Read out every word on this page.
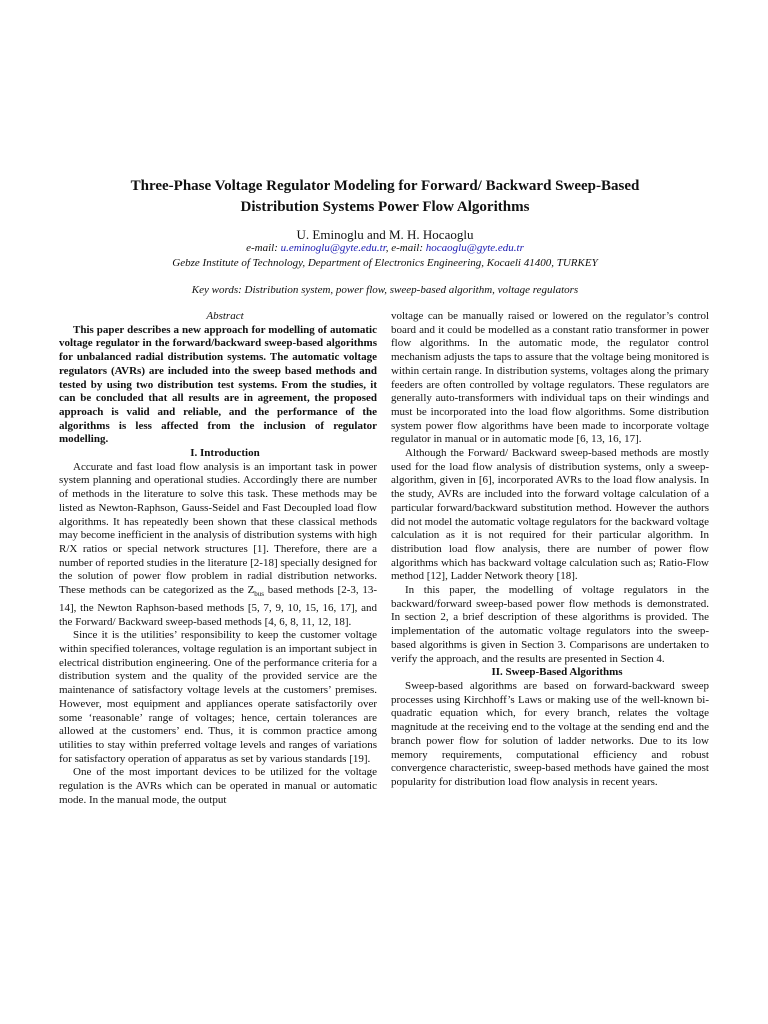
Three-Phase Voltage Regulator Modeling for Forward/ Backward Sweep-Based Distribution Systems Power Flow Algorithms

U. Eminoglu and M. H. Hocaoglu

e-mail: u.eminoglu@gyte.edu.tr, e-mail: hocaoglu@gyte.edu.tr

Gebze Institute of Technology, Department of Electronics Engineering, Kocaeli 41400, TURKEY

Key words: Distribution system, power flow, sweep-based algorithm, voltage regulators

Abstract

This paper describes a new approach for modelling of automatic voltage regulator in the forward/backward sweep-based algorithms for unbalanced radial distribution systems. The automatic voltage regulators (AVRs) are included into the sweep based methods and tested by using two distribution test systems. From the studies, it can be concluded that all results are in agreement, the proposed approach is valid and reliable, and the performance of the algorithms is less affected from the inclusion of regulator modelling.

I. Introduction

Accurate and fast load flow analysis is an important task in power system planning and operational studies. Accordingly there are number of methods in the literature to solve this task. These methods may be listed as Newton-Raphson, Gauss-Seidel and Fast Decoupled load flow algorithms. It has repeatedly been shown that these classical methods may become inefficient in the analysis of distribution systems with high R/X ratios or special network structures [1]. Therefore, there are a number of reported studies in the literature [2-18] specially designed for the solution of power flow problem in radial distribution networks. These methods can be categorized as the $Z_{bus}$ based methods [2-3, 13-14], the Newton Raphson-based methods [5, 7, 9, 10, 15, 16, 17], and the Forward/ Backward sweep-based methods [4, 6, 8, 11, 12, 18].

Since it is the utilities’ responsibility to keep the customer voltage within specified tolerances, voltage regulation is an important subject in electrical distribution engineering. One of the performance criteria for a distribution system and the quality of the provided service are the maintenance of satisfactory voltage levels at the customers’ premises. However, most equipment and appliances operate satisfactorily over some ‘reasonable’ range of voltages; hence, certain tolerances are allowed at the customers’ end. Thus, it is common practice among utilities to stay within preferred voltage levels and ranges of variations for satisfactory operation of apparatus as set by various standards [19].

One of the most important devices to be utilized for the voltage regulation is the AVRs which can be operated in manual or automatic mode. In the manual mode, the output

voltage can be manually raised or lowered on the regulator’s control board and it could be modelled as a constant ratio transformer in power flow algorithms. In the automatic mode, the regulator control mechanism adjusts the taps to assure that the voltage being monitored is within certain range. In distribution systems, voltages along the primary feeders are often controlled by voltage regulators. These regulators are generally auto-transformers with individual taps on their windings and must be incorporated into the load flow algorithms. Some distribution system power flow algorithms have been made to incorporate voltage regulator in manual or in automatic mode [6, 13, 16, 17].

Although the Forward/ Backward sweep-based methods are mostly used for the load flow analysis of distribution systems, only a sweep-algorithm, given in [6], incorporated AVRs to the load flow analysis. In the study, AVRs are included into the forward voltage calculation of a particular forward/backward substitution method. However the authors did not model the automatic voltage regulators for the backward voltage calculation as it is not required for their particular algorithm. In distribution load flow analysis, there are number of power flow algorithms which has backward voltage calculation such as; Ratio-Flow method [12], Ladder Network theory [18].

In this paper, the modelling of voltage regulators in the backward/forward sweep-based power flow methods is demonstrated. In section 2, a brief description of these algorithms is provided. The implementation of the automatic voltage regulators into the sweep-based algorithms is given in Section 3. Comparisons are undertaken to verify the approach, and the results are presented in Section 4.

II. Sweep-Based Algorithms

Sweep-based algorithms are based on forward-backward sweep processes using Kirchhoff’s Laws or making use of the well-known bi-quadratic equation which, for every branch, relates the voltage magnitude at the receiving end to the voltage at the sending end and the branch power flow for solution of ladder networks. Due to its low memory requirements, computational efficiency and robust convergence characteristic, sweep-based methods have gained the most popularity for distribution load flow analysis in recent years.
